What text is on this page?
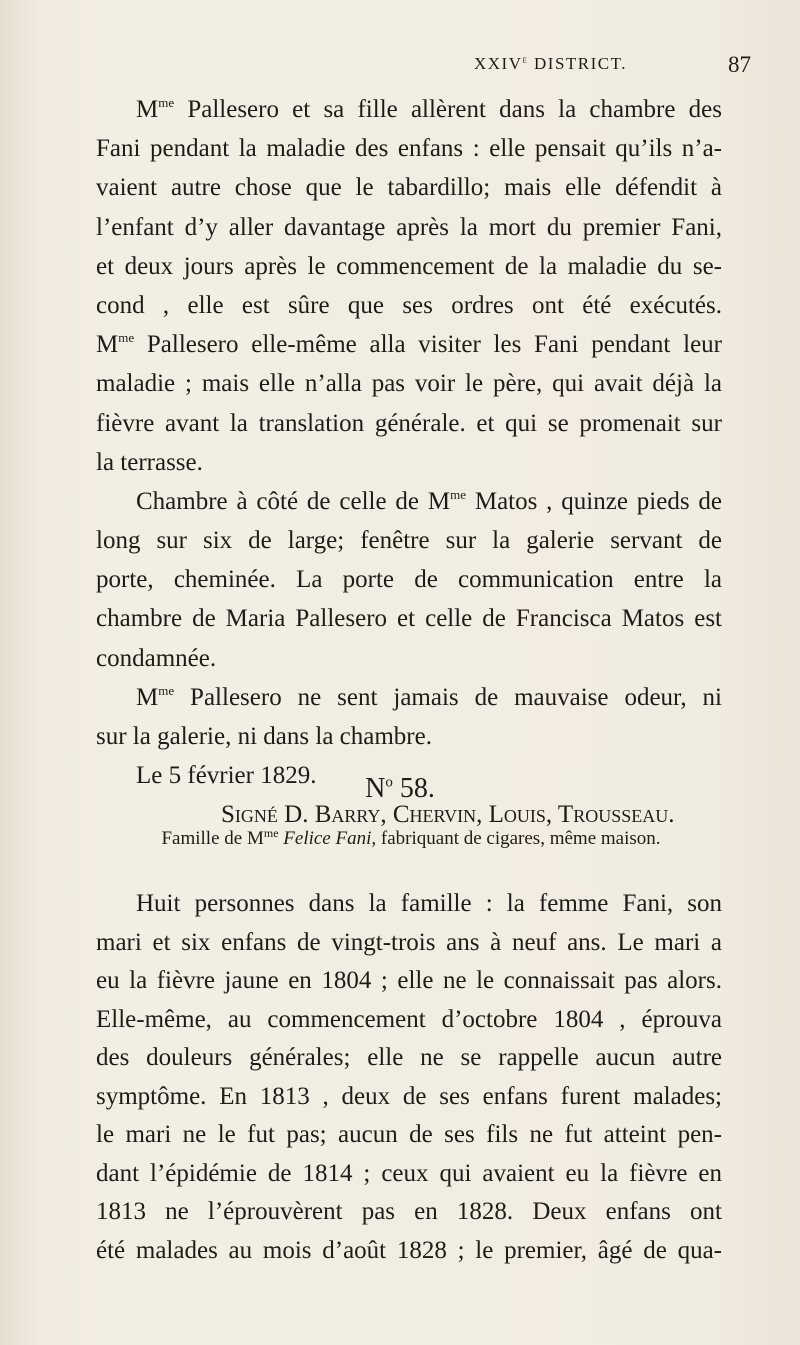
XXIVe DISTRICT.	87
$M^{me}$ Pallesero et sa fille allèrent dans la chambre des
Fani pendant la maladie des enfans : elle pensait qu’ils n’a-
vaient autre chose que le tabardillo; mais elle défendit à
l’enfant d’y aller davantage après la mort du premier Fani,
et deux jours après le commencement de la maladie du se-
cond , elle est sûre que ses ordres ont été exécutés.
$M^{me}$ Pallesero elle-même alla visiter les Fani pendant leur
maladie ; mais elle n’alla pas voir le père, qui avait déjà la
fièvre avant la translation générale. et qui se promenait sur
la terrasse.
Chambre à côté de celle de $M^{me}$ Matos , quinze pieds de
long sur six de large; fenêtre sur la galerie servant de
porte, cheminée. La porte de communication entre la
chambre de Maria Pallesero et celle de Francisca Matos est
condamnée.
$M^{me}$ Pallesero ne sent jamais de mauvaise odeur, ni
sur la galerie, ni dans la chambre.
Le 5 février 1829.
Signé D. Barry, Chervin, Louis, Trousseau.
$N^o$ 58.
Famille de $M^{me}$ Felice Fani, fabriquant de cigares, même maison.
Huit personnes dans la famille : la femme Fani, son
mari et six enfans de vingt-trois ans à neuf ans. Le mari a
eu la fièvre jaune en 1804 ; elle ne le connaissait pas alors.
Elle-même, au commencement d’octobre 1804 , éprouva
des douleurs générales; elle ne se rappelle aucun autre
symptôme. En 1813 , deux de ses enfans furent malades;
le mari ne le fut pas; aucun de ses fils ne fut atteint pen-
dant l’épidémie de 1814 ; ceux qui avaient eu la fièvre en
1813 ne l’éprouvèrent pas en 1828. Deux enfans ont
été malades au mois d’août 1828 ; le premier, âgé de qua-
